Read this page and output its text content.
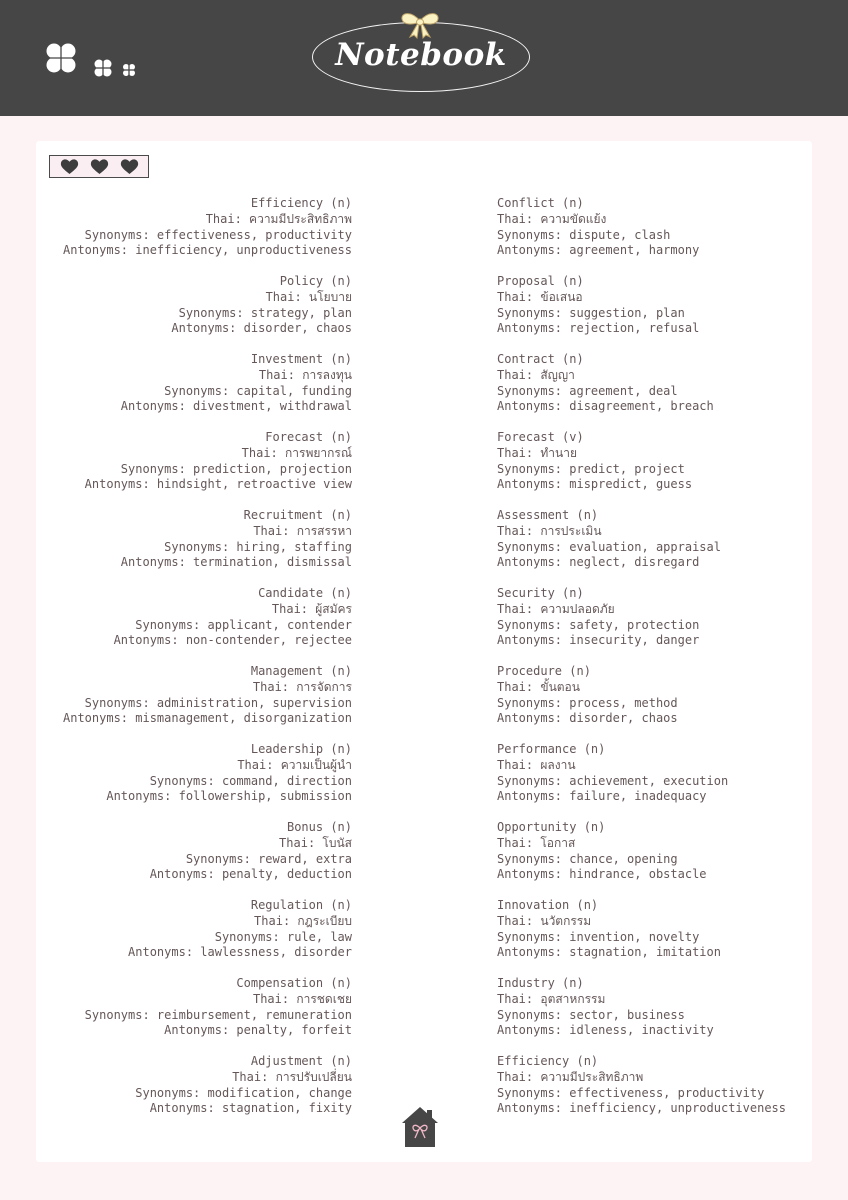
Notebook
Efficiency (n)
Thai: ความมีประสิทธิภาพ
Synonyms: effectiveness, productivity
Antonyms: inefficiency, unproductiveness
Policy (n)
Thai: นโยบาย
Synonyms: strategy, plan
Antonyms: disorder, chaos
Investment (n)
Thai: การลงทุน
Synonyms: capital, funding
Antonyms: divestment, withdrawal
Forecast (n)
Thai: การพยากรณ์
Synonyms: prediction, projection
Antonyms: hindsight, retroactive view
Recruitment (n)
Thai: การสรรหา
Synonyms: hiring, staffing
Antonyms: termination, dismissal
Candidate (n)
Thai: ผู้สมัคร
Synonyms: applicant, contender
Antonyms: non-contender, rejectee
Management (n)
Thai: การจัดการ
Synonyms: administration, supervision
Antonyms: mismanagement, disorganization
Leadership (n)
Thai: ความเป็นผู้นำ
Synonyms: command, direction
Antonyms: followership, submission
Bonus (n)
Thai: โบนัส
Synonyms: reward, extra
Antonyms: penalty, deduction
Regulation (n)
Thai: กฎระเบียบ
Synonyms: rule, law
Antonyms: lawlessness, disorder
Compensation (n)
Thai: การชดเชย
Synonyms: reimbursement, remuneration
Antonyms: penalty, forfeit
Adjustment (n)
Thai: การปรับเปลี่ยน
Synonyms: modification, change
Antonyms: stagnation, fixity
Conflict (n)
Thai: ความขัดแย้ง
Synonyms: dispute, clash
Antonyms: agreement, harmony
Proposal (n)
Thai: ข้อเสนอ
Synonyms: suggestion, plan
Antonyms: rejection, refusal
Contract (n)
Thai: สัญญา
Synonyms: agreement, deal
Antonyms: disagreement, breach
Forecast (v)
Thai: ทำนาย
Synonyms: predict, project
Antonyms: mispredict, guess
Assessment (n)
Thai: การประเมิน
Synonyms: evaluation, appraisal
Antonyms: neglect, disregard
Security (n)
Thai: ความปลอดภัย
Synonyms: safety, protection
Antonyms: insecurity, danger
Procedure (n)
Thai: ขั้นตอน
Synonyms: process, method
Antonyms: disorder, chaos
Performance (n)
Thai: ผลงาน
Synonyms: achievement, execution
Antonyms: failure, inadequacy
Opportunity (n)
Thai: โอกาส
Synonyms: chance, opening
Antonyms: hindrance, obstacle
Innovation (n)
Thai: นวัตกรรม
Synonyms: invention, novelty
Antonyms: stagnation, imitation
Industry (n)
Thai: อุตสาหกรรม
Synonyms: sector, business
Antonyms: idleness, inactivity
Efficiency (n)
Thai: ความมีประสิทธิภาพ
Synonyms: effectiveness, productivity
Antonyms: inefficiency, unproductiveness
